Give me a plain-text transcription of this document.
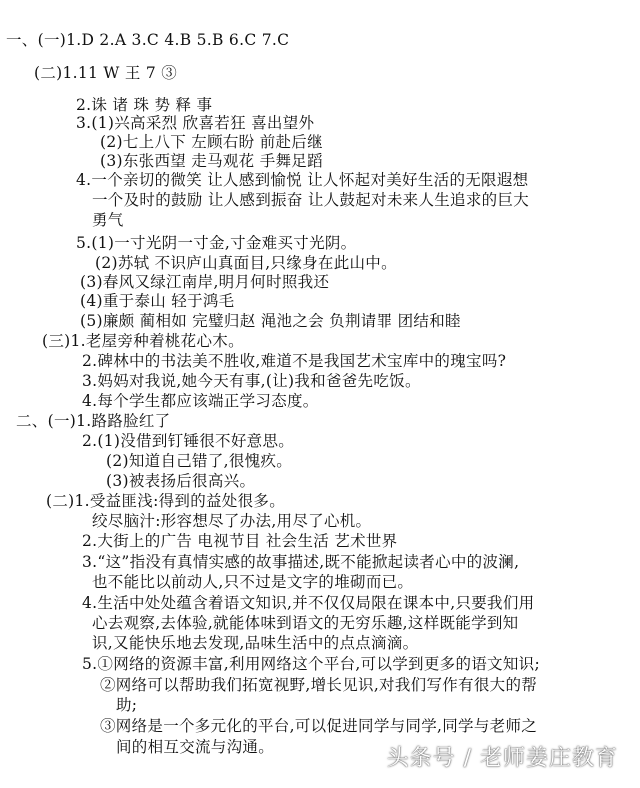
一、(一)1.D 2.A 3.C 4.B 5.B 6.C 7.C
(二)1.11 W 王 7 ③
2.诛 诸 珠 势 释 事
3.(1)兴高采烈 欣喜若狂 喜出望外
(2)七上八下 左顾右盼 前赴后继
(3)东张西望 走马观花 手舞足蹈
4.一个亲切的微笑 让人感到愉悦 让人怀起对美好生活的无限遐想
一个及时的鼓励 让人感到振奋 让人鼓起对未来人生追求的巨大
勇气
5.(1)一寸光阴一寸金,寸金难买寸光阴。
(2)苏轼 不识庐山真面目,只缘身在此山中。
(3)春风又绿江南岸,明月何时照我还
(4)重于泰山 轻于鸿毛
(5)廉颇 蔺相如 完璧归赵 渑池之会 负荆请罪 团结和睦
(三)1.老屋旁种着桃花心木。
2.碑林中的书法美不胜收,难道不是我国艺术宝库中的瑰宝吗?
3.妈妈对我说,她今天有事,(让)我和爸爸先吃饭。
4.每个学生都应该端正学习态度。
二、(一)1.路路脸红了
2.(1)没借到钉锤很不好意思。
(2)知道自己错了,很愧疚。
(3)被表扬后很高兴。
(二)1.受益匪浅:得到的益处很多。
绞尽脑汁:形容想尽了办法,用尽了心机。
2.大街上的广告 电视节目 社会生活 艺术世界
3.“这”指没有真情实感的故事描述,既不能掀起读者心中的波澜,
也不能比以前动人,只不过是文字的堆砌而已。
4.生活中处处蕴含着语文知识,并不仅仅局限在课本中,只要我们用
心去观察,去体验,就能体味到语文的无穷乐趣,这样既能学到知
识,又能快乐地去发现,品味生活中的点点滴滴。
5.①网络的资源丰富,利用网络这个平台,可以学到更多的语文知识;
②网络可以帮助我们拓宽视野,增长见识,对我们写作有很大的帮
助;
③网络是一个多元化的平台,可以促进同学与同学,同学与老师之
间的相互交流与沟通。	头条号 / 老师姜庄教育
